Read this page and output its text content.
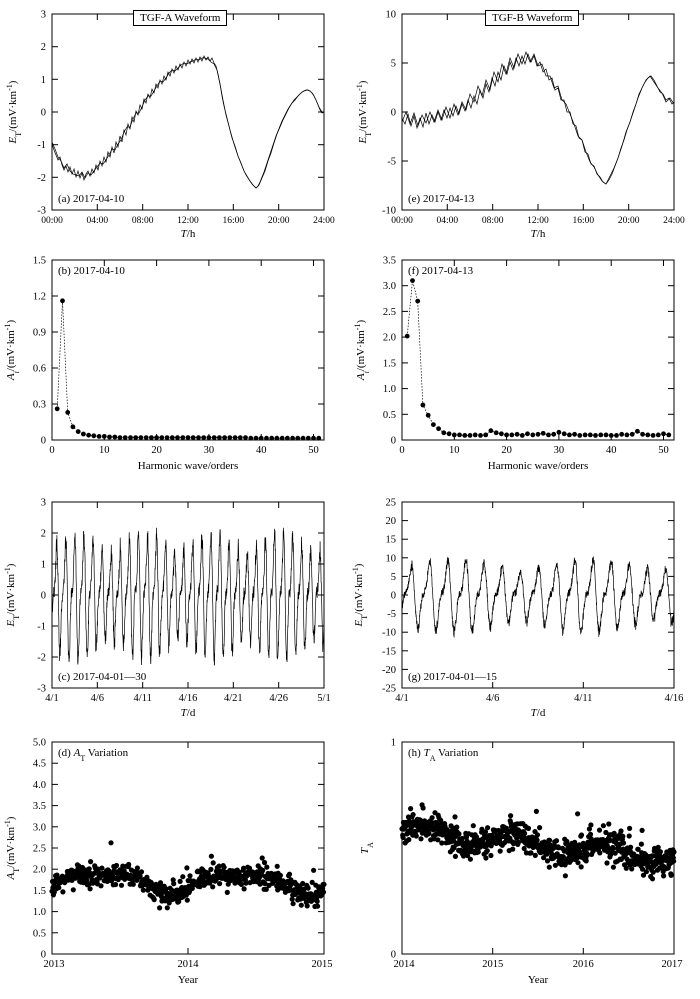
3
2
1
0
-1
-2
-3
00:00 04:00	08:00 12:00 16:00	20:00 24:00
(a) 2017-04-10
$E_T/(mV\cdot km^{-1})$
T/h
TGF-A Waveform	10
5
0
-5
-10
00:00 04:00	08:00 12:00 16:00	20:00 24:00
(e) 2017-04-13
$E_T/(mV\cdot km^{-1})$
T/h
TGF-B Waveform
1.5
1.2
0.9
0.6
0.3
0
0	10	20	30	40	50
(b) 2017-04-10
$A_i/(mV\cdot km^{-1})$
Harmonic wave/orders
3.5
3.0
2.5
2.0
1.5
1.0
0.5
0
0	10	20	30	40	50
(f) 2017-04-13
$A_i/(mV\cdot km^{-1})$
Harmonic wave/orders
3
2
1
0
-1
-2
-3
4/1	4/6	4/11	4/16	4/21	4/26	5/1
(c) 2017-04-01—30
$E_T/(mV\cdot km^{-1})$
T/d
25
20
15
10
5
0
-5
-10
-15
-20
-25
4/1	4/6	4/11	4/16
(g) 2017-04-01—15
$E_T/(mV\cdot km^{-1})$
T/d
5.0
4.5
4.0
3.5
3.0
2.5
2.0
1.5
1.0
0.5
0
2013	2014	2015
(d) $A_T$ Variation
$A_T/(mV\cdot km^{-1})$
Year
1
0
2014	2015	2016	2017
(h) $T_A$ Variation
$T_A$
Year
